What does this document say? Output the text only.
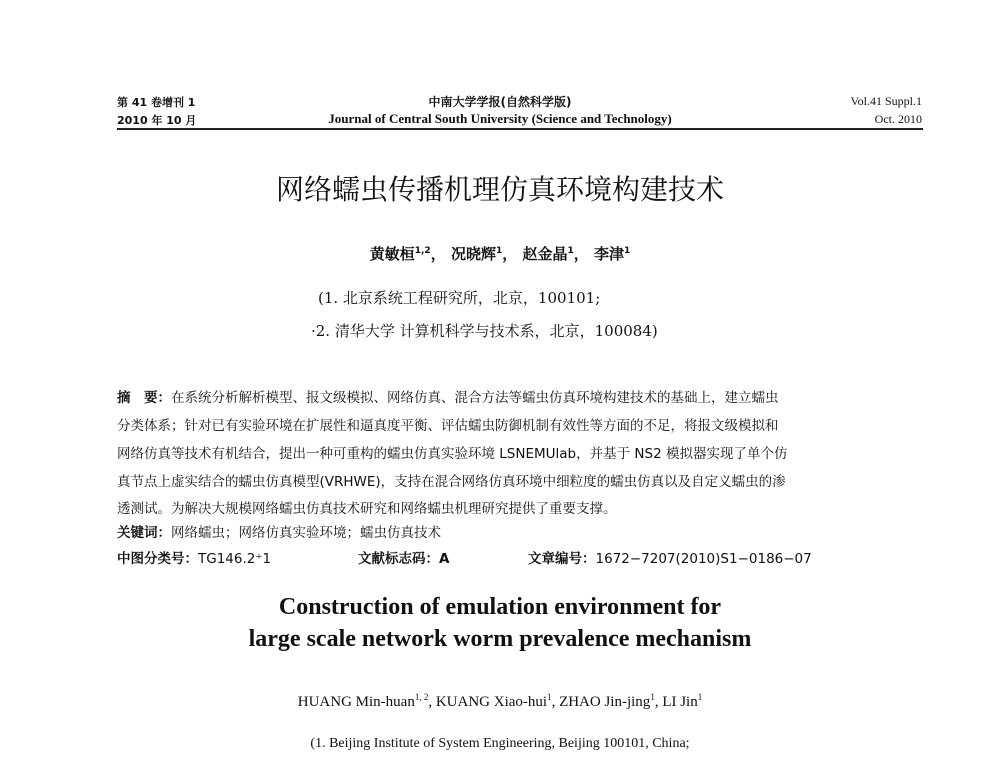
第 41 卷增刊 1
2010 年 10 月
中南大学学报(自然科学版)
Journal of Central South University (Science and Technology)
Vol.41 Suppl.1
Oct. 2010
网络蠕虫传播机理仿真环境构建技术
黄敏桓$^{1,2}$， 况晓辉$^1$， 赵金晶$^1$， 李津$^1$
(1. 北京系统工程研究所，北京，100101;
·2. 清华大学 计算机科学与技术系，北京，100084)
摘　要：在系统分析解析模型、报文级模拟、网络仿真、混合方法等蠕虫仿真环境构建技术的基础上，建立蠕虫
分类体系；针对已有实验环境在扩展性和逼真度平衡、评估蠕虫防御机制有效性等方面的不足，将报文级模拟和
网络仿真等技术有机结合，提出一种可重构的蠕虫仿真实验环境 LSNEMUlab，并基于 NS2 模拟器实现了单个仿
真节点上虚实结合的蠕虫仿真模型(VRHWE)，支持在混合网络仿真环境中细粒度的蠕虫仿真以及自定义蠕虫的渗
透测试。为解决大规模网络蠕虫仿真技术研究和网络蠕虫机理研究提供了重要支撑。
关键词：网络蠕虫；网络仿真实验环境；蠕虫仿真技术
中图分类号：TG146.2⁺1	文献标志码：A	文章编号：1672−7207(2010)S1−0186−07
Construction of emulation environment for
large scale network worm prevalence mechanism
HUANG Min-huan$^{1, 2}$, KUANG Xiao-hui$^1$, ZHAO Jin-jing$^1$, LI Jin$^1$
(1. Beijing Institute of System Engineering, Beijing 100101, China;
